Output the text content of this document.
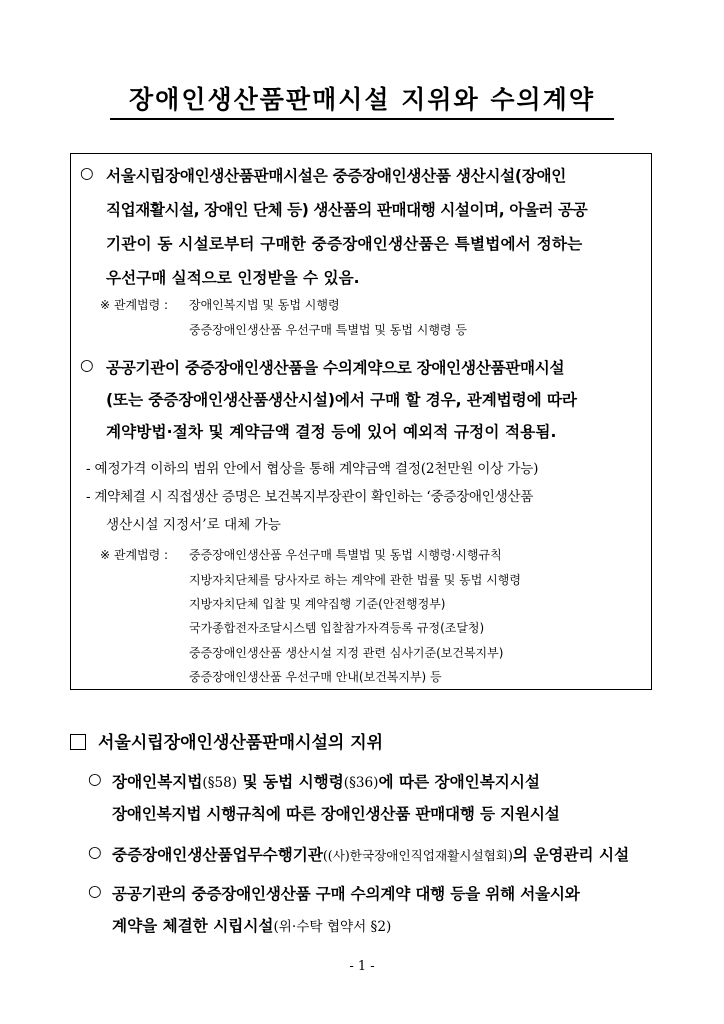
장애인생산품판매시설 지위와 수의계약
○ 서울시립장애인생산품판매시설은 중증장애인생산품 생산시설(장애인
직업재활시설, 장애인 단체 등) 생산품의 판매대행 시설이며, 아울러 공공
기관이 동 시설로부터 구매한 중증장애인생산품은 특별법에서 정하는
우선구매 실적으로 인정받을 수 있음.
※ 관계법령 : 장애인복지법 및 동법 시행령
중증장애인생산품 우선구매 특별법 및 동법 시행령 등
○ 공공기관이 중증장애인생산품을 수의계약으로 장애인생산품판매시설
(또는 중증장애인생산품생산시설)에서 구매 할 경우, 관계법령에 따라
계약방법·절차 및 계약금액 결정 등에 있어 예외적 규정이 적용됨.
- 예정가격 이하의 범위 안에서 협상을 통해 계약금액 결정(2천만원 이상 가능)
- 계약체결 시 직접생산 증명은 보건복지부장관이 확인하는 ‘중증장애인생산품
생산시설 지정서’로 대체 가능
※ 관계법령 : 중증장애인생산품 우선구매 특별법 및 동법 시행령·시행규칙
지방자치단체를 당사자로 하는 계약에 관한 법률 및 동법 시행령
지방자치단체 입찰 및 계약집행 기준(안전행정부)
국가종합전자조달시스템 입찰참가자격등록 규정(조달청)
중증장애인생산품 생산시설 지정 관련 심사기준(보건복지부)
중증장애인생산품 우선구매 안내(보건복지부) 등
서울시립장애인생산품판매시설의 지위
○ 장애인복지법(§58) 및 동법 시행령(§36)에 따른 장애인복지시설
장애인복지법 시행규칙에 따른 장애인생산품 판매대행 등 지원시설
○ 중증장애인생산품업무수행기관((사)한국장애인직업재활시설협회)의 운영관리 시설
○ 공공기관의 중증장애인생산품 구매 수의계약 대행 등을 위해 서울시와
계약을 체결한 시립시설(위·수탁 협약서 §2)
- 1 -
